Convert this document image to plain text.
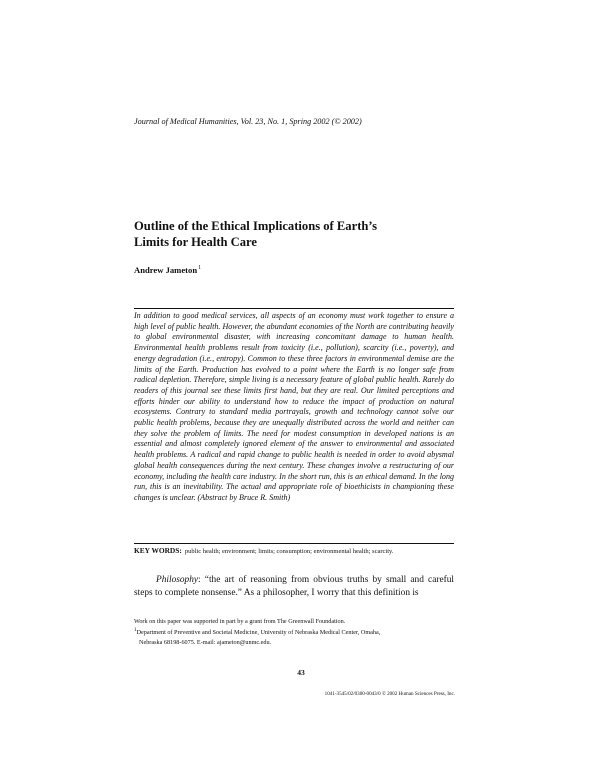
Journal of Medical Humanities, Vol. 23, No. 1, Spring 2002 (© 2002)
Outline of the Ethical Implications of Earth’s
Limits for Health Care
Andrew Jameton$^1$
In addition to good medical services, all aspects of an economy must work together to ensure a high level of public health. However, the abundant economies of the North are contributing heavily to global environmental disaster, with increasing concomitant damage to human health. Environmental health problems result from toxicity (i.e., pollution), scarcity (i.e., poverty), and energy degradation (i.e., entropy). Common to these three factors in environmental demise are the limits of the Earth. Production has evolved to a point where the Earth is no longer safe from radical depletion. Therefore, simple living is a necessary feature of global public health. Rarely do readers of this journal see these limits first hand, but they are real. Our limited perceptions and efforts hinder our ability to understand how to reduce the impact of production on natural ecosystems. Contrary to standard media portrayals, growth and technology cannot solve our public health problems, because they are unequally distributed across the world and neither can they solve the problem of limits. The need for modest consumption in developed nations is an essential and almost completely ignored element of the answer to environmental and associated health problems. A radical and rapid change to public health is needed in order to avoid abysmal global health consequences during the next century. These changes involve a restructuring of our economy, including the health care industry. In the short run, this is an ethical demand. In the long run, this is an inevitability. The actual and appropriate role of bioethicists in championing these changes is unclear. (Abstract by Bruce R. Smith)
KEY WORDS: public health; environment; limits; consumption; environmental health; scarcity.
Philosophy: “the art of reasoning from obvious truths by small and careful steps to complete nonsense.” As a philosopher, I worry that this definition is
Work on this paper was supported in part by a grant from The Greenwall Foundation.
$^1$Department of Preventive and Societal Medicine, University of Nebraska Medical Center, Omaha,
Nebraska 68198-6075. E-mail: ajameton@unmc.edu.
43
1041-3545/02/0300-0043/0 © 2002 Human Sciences Press, Inc.
